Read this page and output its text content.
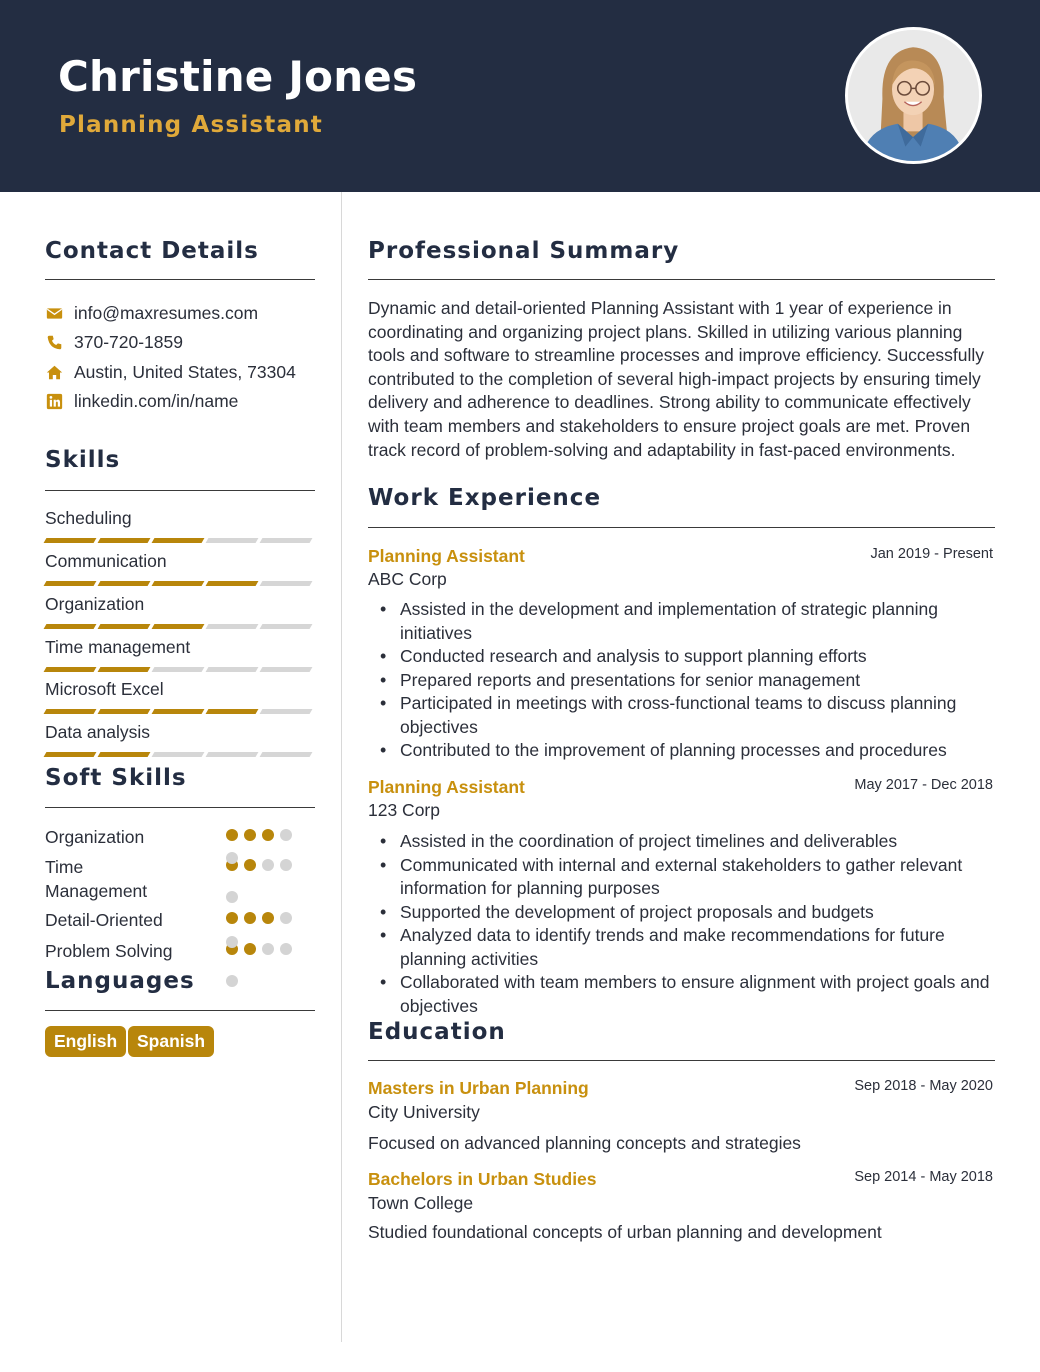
Christine Jones
Planning Assistant
Contact Details
info@maxresumes.com
370-720-1859
Austin, United States, 73304
linkedin.com/in/name
Skills
Scheduling
Communication
Organization
Time management
Microsoft Excel
Data analysis
Soft Skills
Organization
Time Management
Detail-Oriented
Problem Solving
Languages
English	Spanish
Professional Summary
Dynamic and detail-oriented Planning Assistant with 1 year of experience in coordinating and organizing project plans. Skilled in utilizing various planning tools and software to streamline processes and improve efficiency. Successfully contributed to the completion of several high-impact projects by ensuring timely delivery and adherence to deadlines. Strong ability to communicate effectively with team members and stakeholders to ensure project goals are met. Proven track record of problem-solving and adaptability in fast-paced environments.
Work Experience
Planning Assistant	Jan 2019 - Present
ABC Corp
• Assisted in the development and implementation of strategic planning initiatives
• Conducted research and analysis to support planning efforts
• Prepared reports and presentations for senior management
• Participated in meetings with cross-functional teams to discuss planning objectives
• Contributed to the improvement of planning processes and procedures
Planning Assistant	May 2017 - Dec 2018
123 Corp
• Assisted in the coordination of project timelines and deliverables
• Communicated with internal and external stakeholders to gather relevant information for planning purposes
• Supported the development of project proposals and budgets
• Analyzed data to identify trends and make recommendations for future planning activities
• Collaborated with team members to ensure alignment with project goals and objectives
Education
Masters in Urban Planning	Sep 2018 - May 2020
City University
Focused on advanced planning concepts and strategies
Bachelors in Urban Studies	Sep 2014 - May 2018
Town College
Studied foundational concepts of urban planning and development
